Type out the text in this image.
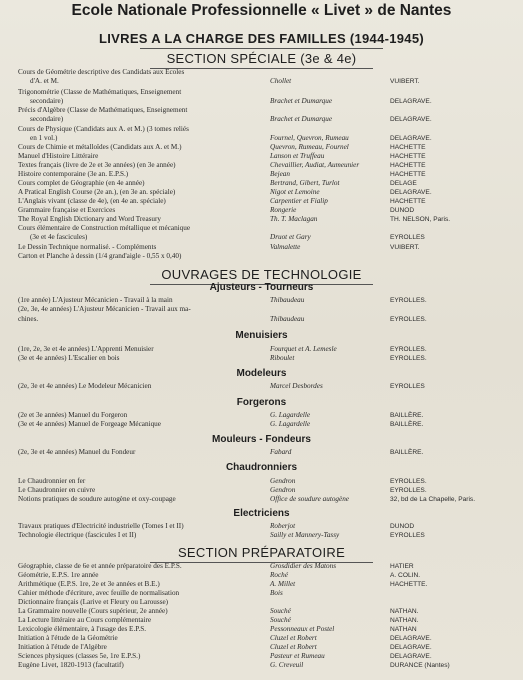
Ecole Nationale Professionnelle « Livet » de Nantes
LIVRES A LA CHARGE DES FAMILLES (1944-1945)
SECTION SPÉCIALE (3e & 4e)
OUVRAGES DE TECHNOLOGIE
Ajusteurs - Tourneurs
Menuisiers
Modeleurs
Forgerons
Mouleurs - Fondeurs
Chaudronniers
Electriciens
SECTION PRÉPARATOIRE
Cours de Géométrie descriptive des Candidats aux Ecoles
d'A. et M.	Chollet	VUIBERT.
Trigonométrie (Classe de Mathématiques, Enseignement
secondaire)	Brachet et Dumarque	DELAGRAVE.
Précis d'Algèbre (Classe de Mathématiques, Enseignement
secondaire)	Brachet et Dumarque	DELAGRAVE.
Cours de Physique (Candidats aux A. et M.) (3 tomes reliés
en 1 vol.)	Fournel, Quevron, Rumeau	DELAGRAVE.
Cours de Chimie et métalloïdes (Candidats aux A. et M.)	Quevron, Rumeau, Fournel	HACHETTE
Manuel d'Histoire Littéraire	Lanson et Truffeau	HACHETTE
Textes français (livre de 2e et 3e années) (en 3e année)	Chevaillier, Audiat, Aumeunier	HACHETTE
Histoire contemporaine (3e an. E.P.S.)	Bejean	HACHETTE
Cours complet de Géographie (en 4e année)	Bertrand, Gibert, Turlot	DELAGE
A Pratical English Course (2e an.), (en 3e an. spéciale)	Nigot et Lemoine	DELAGRAVE.
L'Anglais vivant (classe de 4e), (en 4e an. spéciale)	Carpentier et Fialip	HACHETTE
Grammaire française et Exercices	Rongerie	DUNOD
The Royal English Dictionary and Word Treasury	Th. T. Maclagan	TH. NELSON, Paris.
Cours élémentaire de Construction métallique et mécanique
(3e et 4e fascicules)	Druot et Gary	EYROLLES
Le Dessin Technique normalisé. - Compléments	Valmalette	VUIBERT.
Carton et Planche à dessin (1/4 grand'aigle - 0,55 x 0,40)
(1re année) L'Ajusteur Mécanicien - Travail à la main	Thibaudeau	EYROLLES.
(2e, 3e, 4e années) L'Ajusteur Mécanicien - Travail aux ma-
chines.	Thibaudeau	EYROLLES.
(1re, 2e, 3e et 4e années) L'Apprenti Menuisier	Fourquet et A. Lemesle	EYROLLES.
(3e et 4e années) L'Escalier en bois	Riboulet	EYROLLES.
(2e, 3e et 4e années) Le Modeleur Mécanicien	Marcel Desbordes	EYROLLES
(2e et 3e années) Manuel du Forgeron	G. Lagardelle	BAILLÈRE.
(3e et 4e années) Manuel de Forgeage Mécanique	G. Lagardelle	BAILLÈRE.
(2e, 3e et 4e années) Manuel du Fondeur	Fabard	BAILLÈRE.
Le Chaudronnier en fer	Gendron	EYROLLES.
Le Chaudronnier en cuivre	Gendron	EYROLLES.
Notions pratiques de soudure autogène et oxy-coupage	Office de soudure autogène	32, bd de La Chapelle, Paris.
Travaux pratiques d'Electricité industrielle (Tomes I et II)	Roberjot	DUNOD
Technologie électrique (fascicules I et II)	Sailly et Mannery-Tassy	EYROLLES
Géographie, classe de 6e et année préparatoire des E.P.S.	Grosdidier des Matons	HATIER
Géométrie, E.P.S. 1re année	Roché	A. COLIN.
Arithmétique (E.P.S. 1re, 2e et 3e années et B.E.)	A. Millet	HACHETTE.
Cahier méthode d'écriture, avec feuille de normalisation	Bois
Dictionnaire français (Larive et Fleury ou Larousse)
La Grammaire nouvelle (Cours supérieur, 2e année)	Souché	NATHAN.
La Lecture littéraire au Cours complémentaire	Souché	NATHAN.
Lexicologie élémentaire, à l'usage des E.P.S.	Pessonneaux et Postel	NATHAN
Initiation à l'étude de la Géométrie	Cluzel et Robert	DELAGRAVE.
Initiation à l'étude de l'Algèbre	Cluzel et Robert	DELAGRAVE.
Sciences physiques (classes 5e, 1re E.P.S.)	Pasteur et Rumeau	DELAGRAVE.
Eugène Livet, 1820-1913 (facultatif)	G. Creveuil	DURANCE (Nantes)
